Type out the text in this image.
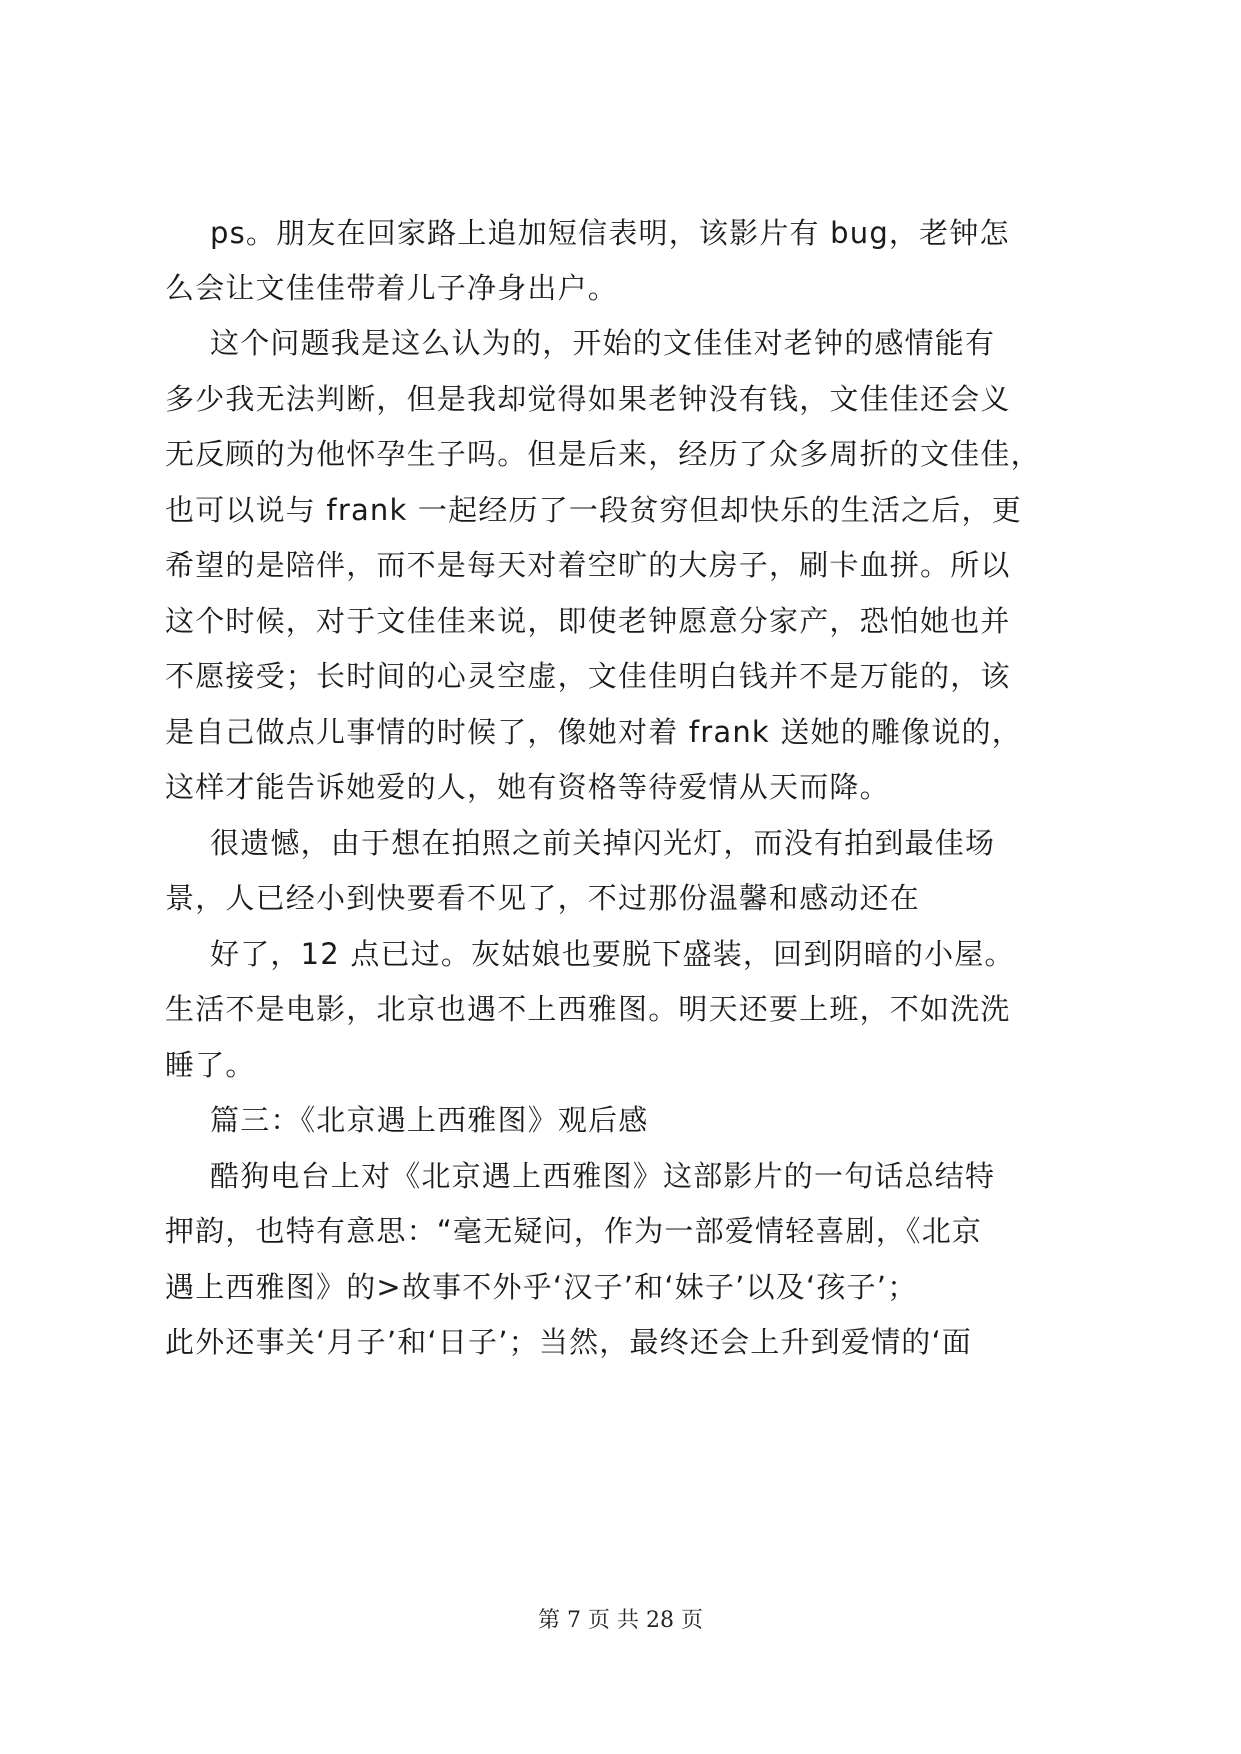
ps。朋友在回家路上追加短信表明，该影片有 bug，老钟怎
么会让文佳佳带着儿子净身出户。
这个问题我是这么认为的，开始的文佳佳对老钟的感情能有
多少我无法判断，但是我却觉得如果老钟没有钱，文佳佳还会义
无反顾的为他怀孕生子吗。但是后来，经历了众多周折的文佳佳，
也可以说与 frank 一起经历了一段贫穷但却快乐的生活之后，更
希望的是陪伴，而不是每天对着空旷的大房子，刷卡血拼。所以
这个时候，对于文佳佳来说，即使老钟愿意分家产，恐怕她也并
不愿接受；长时间的心灵空虚，文佳佳明白钱并不是万能的，该
是自己做点儿事情的时候了，像她对着 frank 送她的雕像说的，
这样才能告诉她爱的人，她有资格等待爱情从天而降。
很遗憾，由于想在拍照之前关掉闪光灯，而没有拍到最佳场
景，人已经小到快要看不见了，不过那份温馨和感动还在
好了，12 点已过。灰姑娘也要脱下盛装，回到阴暗的小屋。
生活不是电影，北京也遇不上西雅图。明天还要上班，不如洗洗
睡了。
篇三：《北京遇上西雅图》观后感
酷狗电台上对《北京遇上西雅图》这部影片的一句话总结特
押韵，也特有意思：“毫无疑问，作为一部爱情轻喜剧，《北京
遇上西雅图》的>故事不外乎‘汉子’和‘妹子’以及‘孩子’；
此外还事关‘月子’和‘日子’；当然，最终还会上升到爱情的‘面
第 7 页 共 28 页
